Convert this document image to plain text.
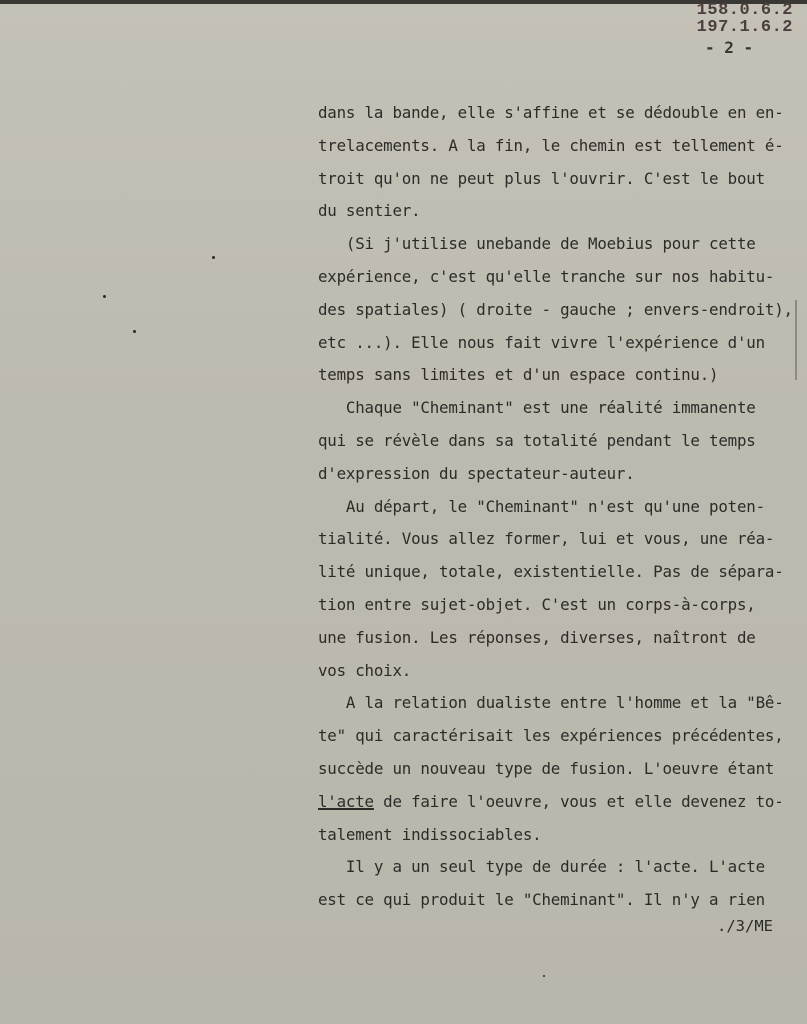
158.0.6.2
197.1.6.2
- 2 -
dans la bande, elle s'affine et se dédouble en en-
trelacements. A la fin, le chemin est tellement é-
troit qu'on ne peut plus l'ouvrir. C'est le bout
du sentier.
(Si j'utilise unebande de Moebius pour cette
expérience, c'est qu'elle tranche sur nos habitu-
des spatiales) ( droite - gauche ; envers-endroit),
etc ...). Elle nous fait vivre l'expérience d'un
temps sans limites et d'un espace continu.)
Chaque "Cheminant" est une réalité immanente
qui se révèle dans sa totalité pendant le temps
d'expression du spectateur-auteur.
Au départ, le "Cheminant" n'est qu'une poten-
tialité. Vous allez former, lui et vous, une réa-
lité unique, totale, existentielle. Pas de sépara-
tion entre sujet-objet. C'est un corps-à-corps,
une fusion. Les réponses, diverses, naîtront de
vos choix.
A la relation dualiste entre l'homme et la "Bê-
te" qui caractérisait les expériences précédentes,
succède un nouveau type de fusion. L'oeuvre étant
l'acte de faire l'oeuvre, vous et elle devenez to-
talement indissociables.
Il y a un seul type de durée : l'acte. L'acte
est ce qui produit le "Cheminant". Il n'y a rien
./3/ME
